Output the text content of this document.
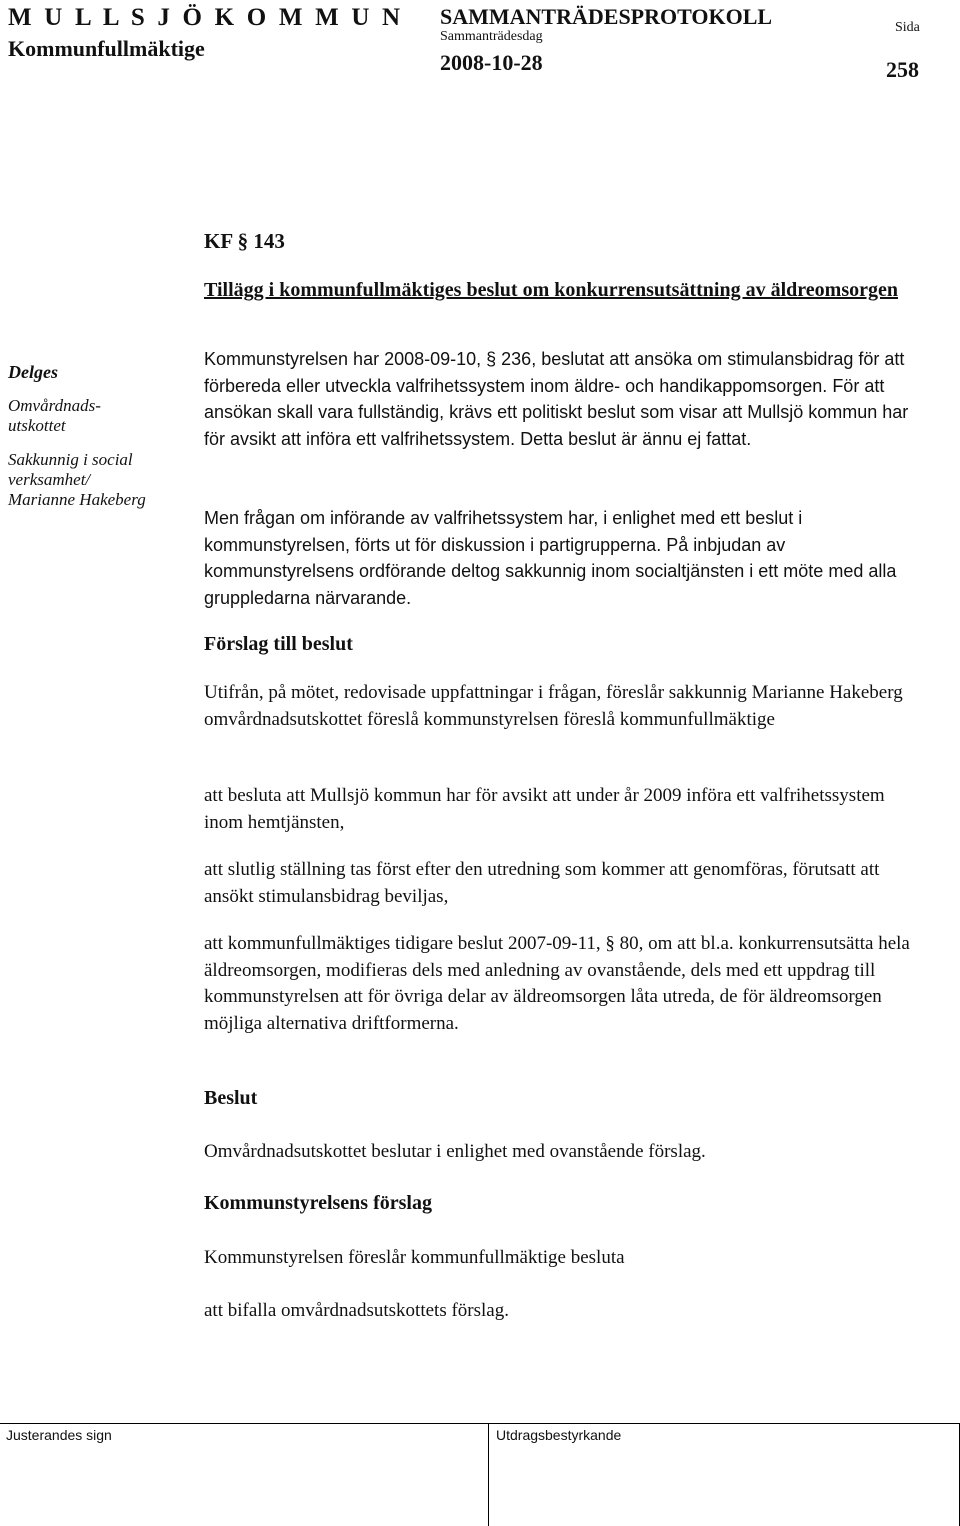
M U L L S J Ö K O M M U N
Kommunfullmäktige
SAMMANTRÄDESPROTOKOLL
Sammanträdesdag
2008-10-28
Sida
258
KF § 143
Tillägg i kommunfullmäktiges beslut om konkurrensutsättning av äldreomsorgen
Delges
Omvårdnads-utskottet
Sakkunnig i social verksamhet/ Marianne Hakeberg

Kommunstyrelsen har 2008-09-10, § 236, beslutat att ansöka om stimulansbidrag för att förbereda eller utveckla valfrihetssystem inom äldre- och handikappomsorgen. För att ansökan skall vara fullständig, krävs ett politiskt beslut som visar att Mullsjö kommun har för avsikt att införa ett valfrihetssystem. Detta beslut är ännu ej fattat.

Men frågan om införande av valfrihetssystem har, i enlighet med ett beslut i kommunstyrelsen, förts ut för diskussion i partigrupperna. På inbjudan av kommunstyrelsens ordförande deltog sakkunnig inom socialtjänsten i ett möte med alla gruppledarna närvarande.

Förslag till beslut

Utifrån, på mötet, redovisade uppfattningar i frågan, föreslår sakkunnig Marianne Hakeberg omvårdnadsutskottet föreslå kommunstyrelsen föreslå kommunfullmäktige

att besluta att Mullsjö kommun har för avsikt att under år 2009 införa ett valfrihetssystem inom hemtjänsten,

att slutlig ställning tas först efter den utredning som kommer att genomföras, förutsatt att ansökt stimulansbidrag beviljas,

att kommunfullmäktiges tidigare beslut 2007-09-11, § 80, om att bl.a. konkurrensutsätta hela äldreomsorgen, modifieras dels med anledning av ovanstående, dels med ett uppdrag till kommunstyrelsen att för övriga delar av äldreomsorgen låta utreda, de för äldreomsorgen möjliga alternativa driftformerna.

Beslut

Omvårdnadsutskottet beslutar i enlighet med ovanstående förslag.

Kommunstyrelsens förslag

Kommunstyrelsen föreslår kommunfullmäktige besluta

att bifalla omvårdnadsutskottets förslag.

Justerandes sign	Utdragsbestyrkande
